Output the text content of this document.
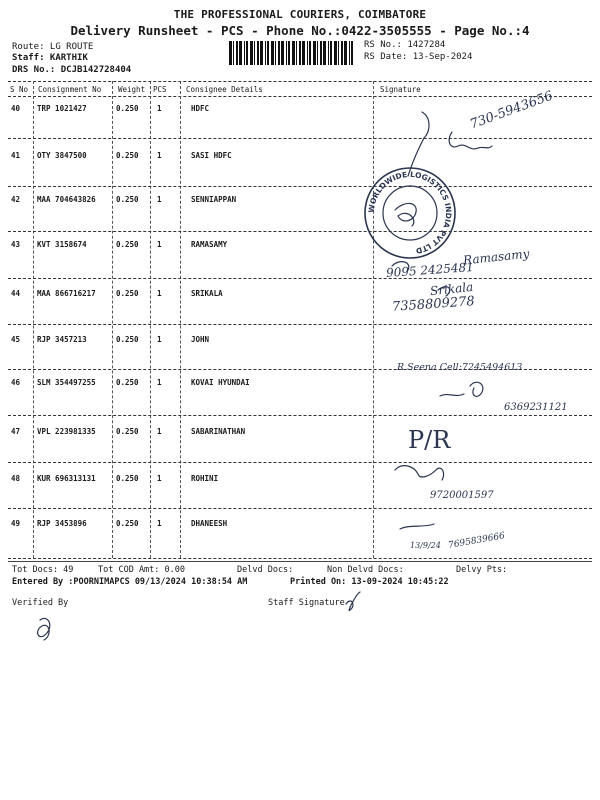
THE PROFESSIONAL COURIERS, COIMBATORE
Delivery Runsheet - PCS - Phone No.:0422-3505555 - Page No.:4
Route: LG ROUTE
Staff: KARTHIK
DRS No.: DCJB142728404
RS No.: 1427284
RS Date: 13-Sep-2024
S No Consignment No Weight PCS	Consignee Details	Signature
40 TRP 1021427	0.250 1	HDFC
41 OTY 3847500	0.250 1	SASI HDFC
42 MAA 704643826	0.250 1	SENNIAPPAN
43 KVT 3158674	0.250 1	RAMASAMY
44 MAA 866716217	0.250 1	SRIKALA
45 RJP 3457213	0.250 1	JOHN
46 SLM 354497255	0.250 1	KOVAI HYUNDAI
47 VPL 223981335	0.250 1	SABARINATHAN
48 KUR 696313131	0.250 1	ROHINI
49 RJP 3453896	0.250 1	DHANEESH
Tot Docs: 49	Tot COD Amt: 0.00	Delvd Docs:	Non Delvd Docs:	Delvy Pts:
Entered By :POORNIMAPCS 09/13/2024 10:38:54 AM	Printed On: 13-09-2024 10:45:22
Verified By	Staff Signature
730-5943656
Ramasamy
9095 2425481
Srikala
7358809278
R.Seena Cell:7245494613
6369231121
P/R
9720001597
13/9/24 7695839666
WORLDWIDE LOGISTICS INDIA PVT LTD
